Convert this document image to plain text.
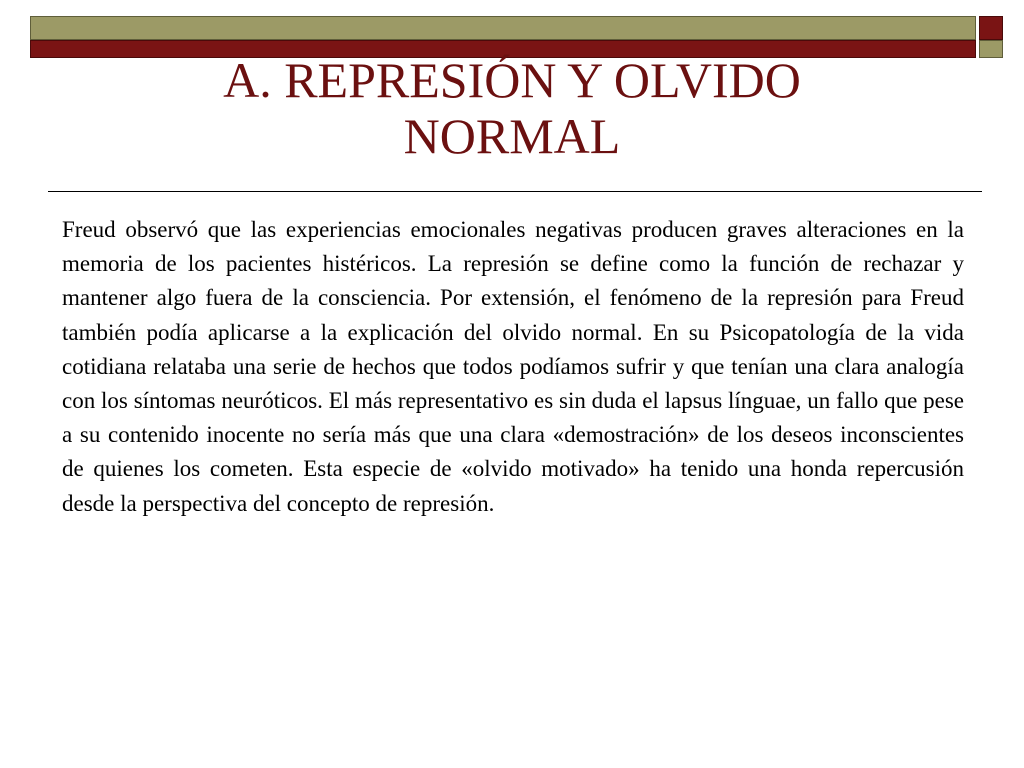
A. REPRESIÓN Y OLVIDO
NORMAL

Freud observó que las experiencias emocionales negativas producen graves alteraciones en la memoria de los pacientes histéricos. La represión se define como la función de rechazar y mantener algo fuera de la consciencia. Por extensión, el fenómeno de la represión para Freud también podía aplicarse a la explicación del olvido normal. En su Psicopatología de la vida cotidiana relataba una serie de hechos que todos podíamos sufrir y que tenían una clara analogía con los síntomas neuróticos. El más representativo es sin duda el lapsus línguae, un fallo que pese a su contenido inocente no sería más que una clara «demostración» de los deseos inconscientes de quienes los cometen. Esta especie de «olvido motivado» ha tenido una honda repercusión desde la perspectiva del concepto de represión.
